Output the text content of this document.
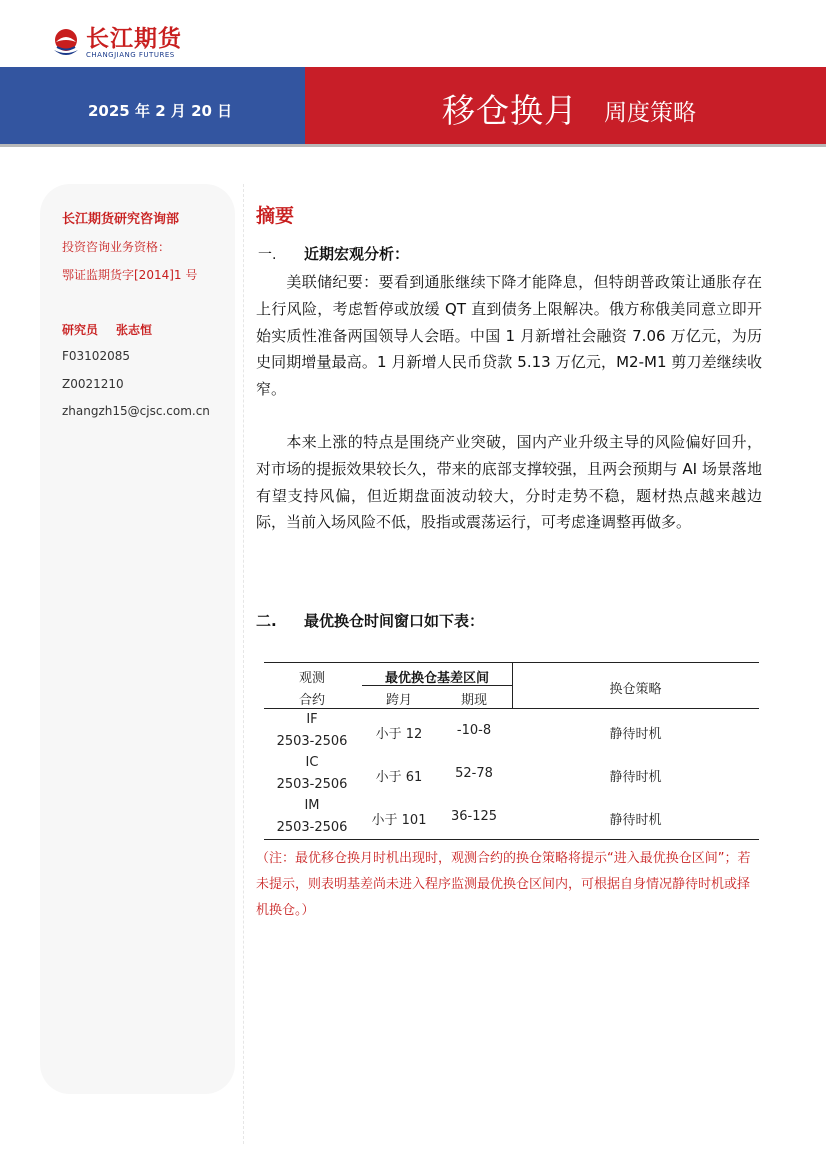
长江期货
CHANGJIANG FUTURES
2025 年 2 月 20 日	移仓换月 周度策略
长江期货研究咨询部
投资咨询业务资格：
鄂证监期货字[2014]1 号
研究员 张志恒
F03102085
Z0021210
zhangzh15@cjsc.com.cn
摘要
一. 近期宏观分析：

美联储纪要：要看到通胀继续下降才能降息，但特朗普政策让通胀存在上行风险，考虑暂停或放缓 QT 直到债务上限解决。俄方称俄美同意立即开始实质性准备两国领导人会晤。中国 1 月新增社会融资 7.06 万亿元，为历史同期增量最高。1 月新增人民币贷款 5.13 万亿元，M2-M1 剪刀差继续收窄。

本来上涨的特点是围绕产业突破，国内产业升级主导的风险偏好回升，对市场的提振效果较长久，带来的底部支撑较强，且两会预期与 AI 场景落地有望支持风偏，但近期盘面波动较大，分时走势不稳，题材热点越来越边际，当前入场风险不低，股指或震荡运行，可考虑逢调整再做多。

二. 最优换仓时间窗口如下表：
观测
合约
最优换仓基差区间
跨月	期现
换仓策略
IF
2503-2506	小于 12	-10-8	静待时机
IC
2503-2506	小于 61	52-78	静待时机
IM
2503-2506	小于 101	36-125	静待时机

（注：最优移仓换月时机出现时，观测合约的换仓策略将提示“进入最优换仓区间”；若未提示，则表明基差尚未进入程序监测最优换仓区间内，可根据自身情况静待时机或择机换仓。）
